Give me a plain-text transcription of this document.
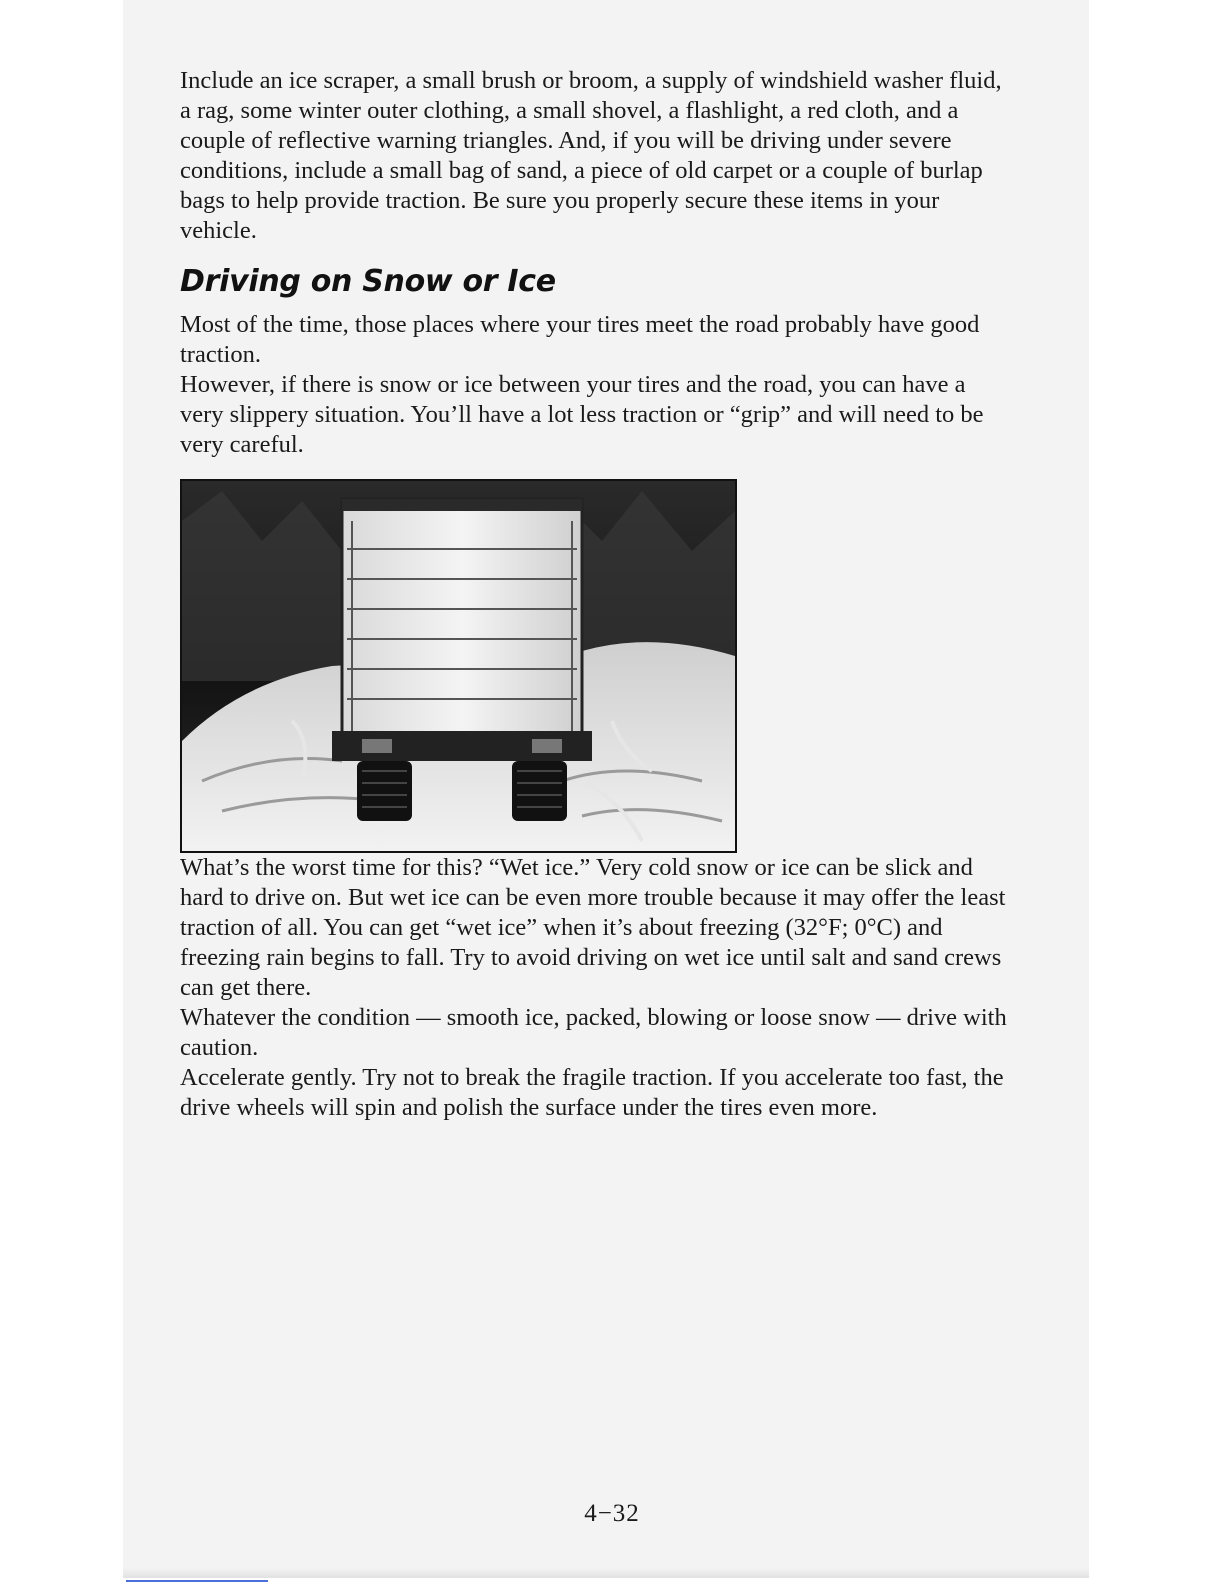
Include an ice scraper, a small brush or broom, a supply of windshield washer fluid, a rag, some winter outer clothing, a small shovel, a flashlight, a red cloth, and a couple of reflective warning triangles. And, if you will be driving under severe conditions, include a small bag of sand, a piece of old carpet or a couple of burlap bags to help provide traction. Be sure you properly secure these items in your vehicle.

Driving on Snow or Ice

Most of the time, those places where your tires meet the road probably have good traction.

However, if there is snow or ice between your tires and the road, you can have a very slippery situation. You’ll have a lot less traction or “grip” and will need to be very careful.

What’s the worst time for this? “Wet ice.” Very cold snow or ice can be slick and hard to drive on. But wet ice can be even more trouble because it may offer the least traction of all. You can get “wet ice” when it’s about freezing (32°F; 0°C) and freezing rain begins to fall. Try to avoid driving on wet ice until salt and sand crews can get there.

Whatever the condition — smooth ice, packed, blowing or loose snow — drive with caution.

Accelerate gently. Try not to break the fragile traction. If you accelerate too fast, the drive wheels will spin and polish the surface under the tires even more.

4−32
